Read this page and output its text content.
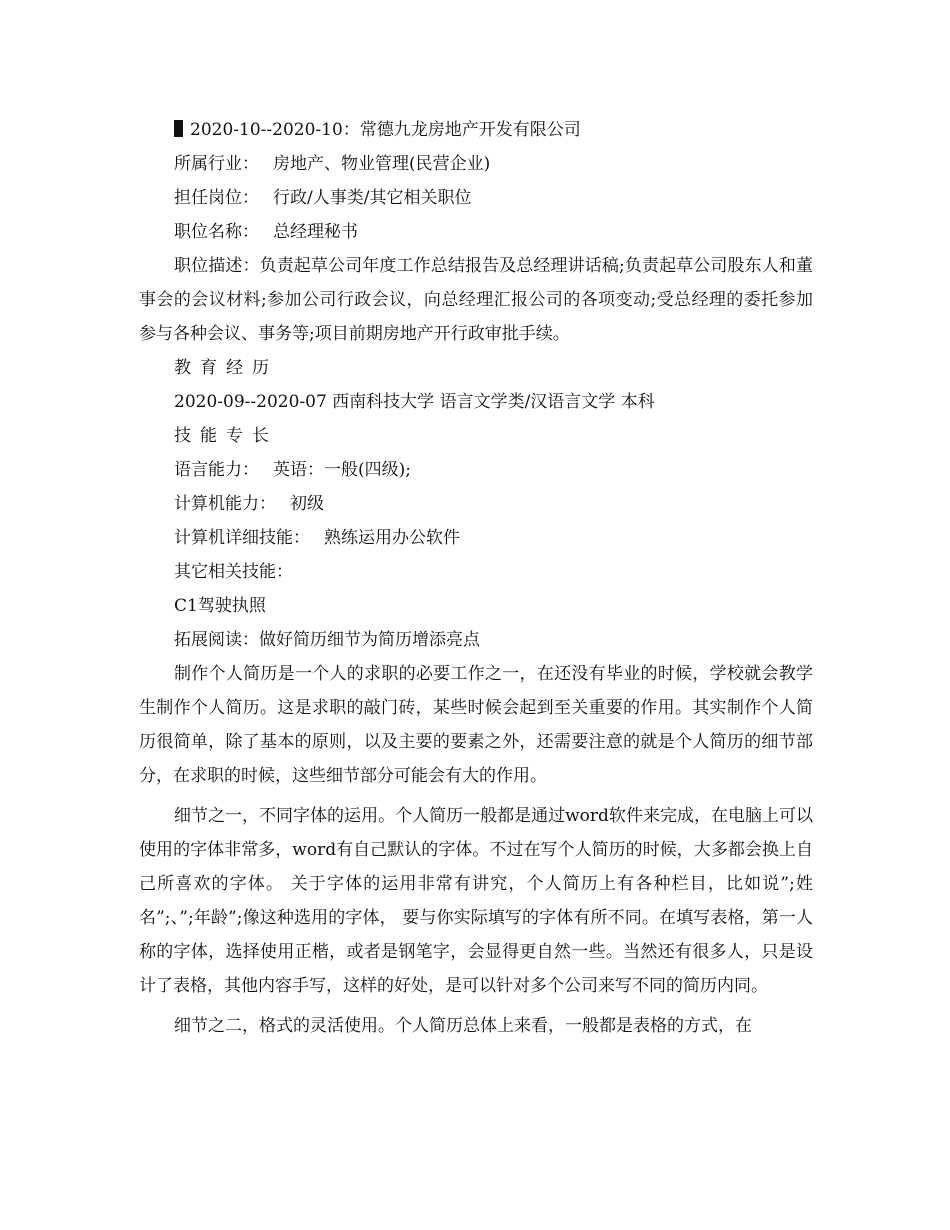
2020-10--2020-10：常德九龙房地产开发有限公司
所属行业： 房地产、物业管理(民营企业)
担任岗位： 行政/人事类/其它相关职位
职位名称： 总经理秘书

职位描述：负责起草公司年度工作总结报告及总经理讲话稿;负责起草公司股东人和董事会的会议材料;参加公司行政会议，向总经理汇报公司的各项变动;受总经理的委托参加参与各种会议、事务等;项目前期房地产开行政审批手续。

教育经历
2020-09--2020-07 西南科技大学 语言文学类/汉语言文学 本科
技能专长
语言能力： 英语：一般(四级);
计算机能力： 初级
计算机详细技能： 熟练运用办公软件
其它相关技能：
C1驾驶执照
拓展阅读：做好简历细节为简历增添亮点

制作个人简历是一个人的求职的必要工作之一，在还没有毕业的时候，学校就会教学生制作个人简历。这是求职的敲门砖，某些时候会起到至关重要的作用。其实制作个人简历很简单，除了基本的原则，以及主要的要素之外，还需要注意的就是个人简历的细节部分，在求职的时候，这些细节部分可能会有大的作用。

细节之一，不同字体的运用。个人简历一般都是通过word软件来完成，在电脑上可以使用的字体非常多，word有自己默认的字体。不过在写个人简历的时候，大多都会换上自己所喜欢的字体。 关于字体的运用非常有讲究，个人简历上有各种栏目，比如说”;姓名”;、”;年龄”;像这种选用的字体， 要与你实际填写的字体有所不同。在填写表格，第一人称的字体，选择使用正楷，或者是钢笔字，会显得更自然一些。当然还有很多人，只是设计了表格，其他内容手写，这样的好处，是可以针对多个公司来写不同的简历内同。

细节之二，格式的灵活使用。个人简历总体上来看，一般都是表格的方式，在
